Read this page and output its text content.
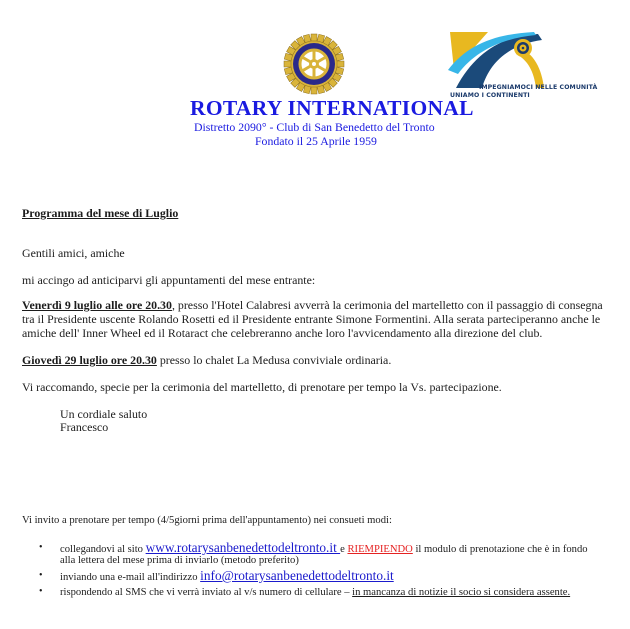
IMPEGNIAMOCI NELLE COMUNITÀ
UNIAMO I CONTINENTI
ROTARY INTERNATIONAL
Distretto 2090° - Club di San Benedetto del Tronto
Fondato il 25 Aprile 1959
Programma del mese di Luglio
Gentili amici, amiche
mi accingo ad anticiparvi gli appuntamenti del mese entrante:
Venerdì 9 luglio alle ore 20.30, presso l'Hotel Calabresi avverrà la cerimonia del martelletto con il passaggio di consegna
tra il Presidente uscente Rolando Rosetti ed il Presidente entrante Simone Formentini. Alla serata parteciperanno anche le
amiche dell' Inner Wheel ed il Rotaract che celebreranno anche loro l'avvicendamento alla direzione del club.
Giovedì 29 luglio ore 20.30 presso lo chalet La Medusa conviviale ordinaria.
Vi raccomando, specie per la cerimonia del martelletto, di prenotare per tempo la Vs. partecipazione.
Un cordiale saluto
Francesco
Vi invito a prenotare per tempo (4/5giorni prima dell'appuntamento) nei consueti modi:
• collegandovi al sito www.rotarysanbenedettodeltronto.it e RIEMPIENDO il modulo di prenotazione che è in fondo
alla lettera del mese prima di inviarlo (metodo preferito)
• inviando una e-mail all'indirizzo info@rotarysanbenedettodeltronto.it
• rispondendo al SMS che vi verrà inviato al v/s numero di cellulare – in mancanza di notizie il socio si considera assente.
